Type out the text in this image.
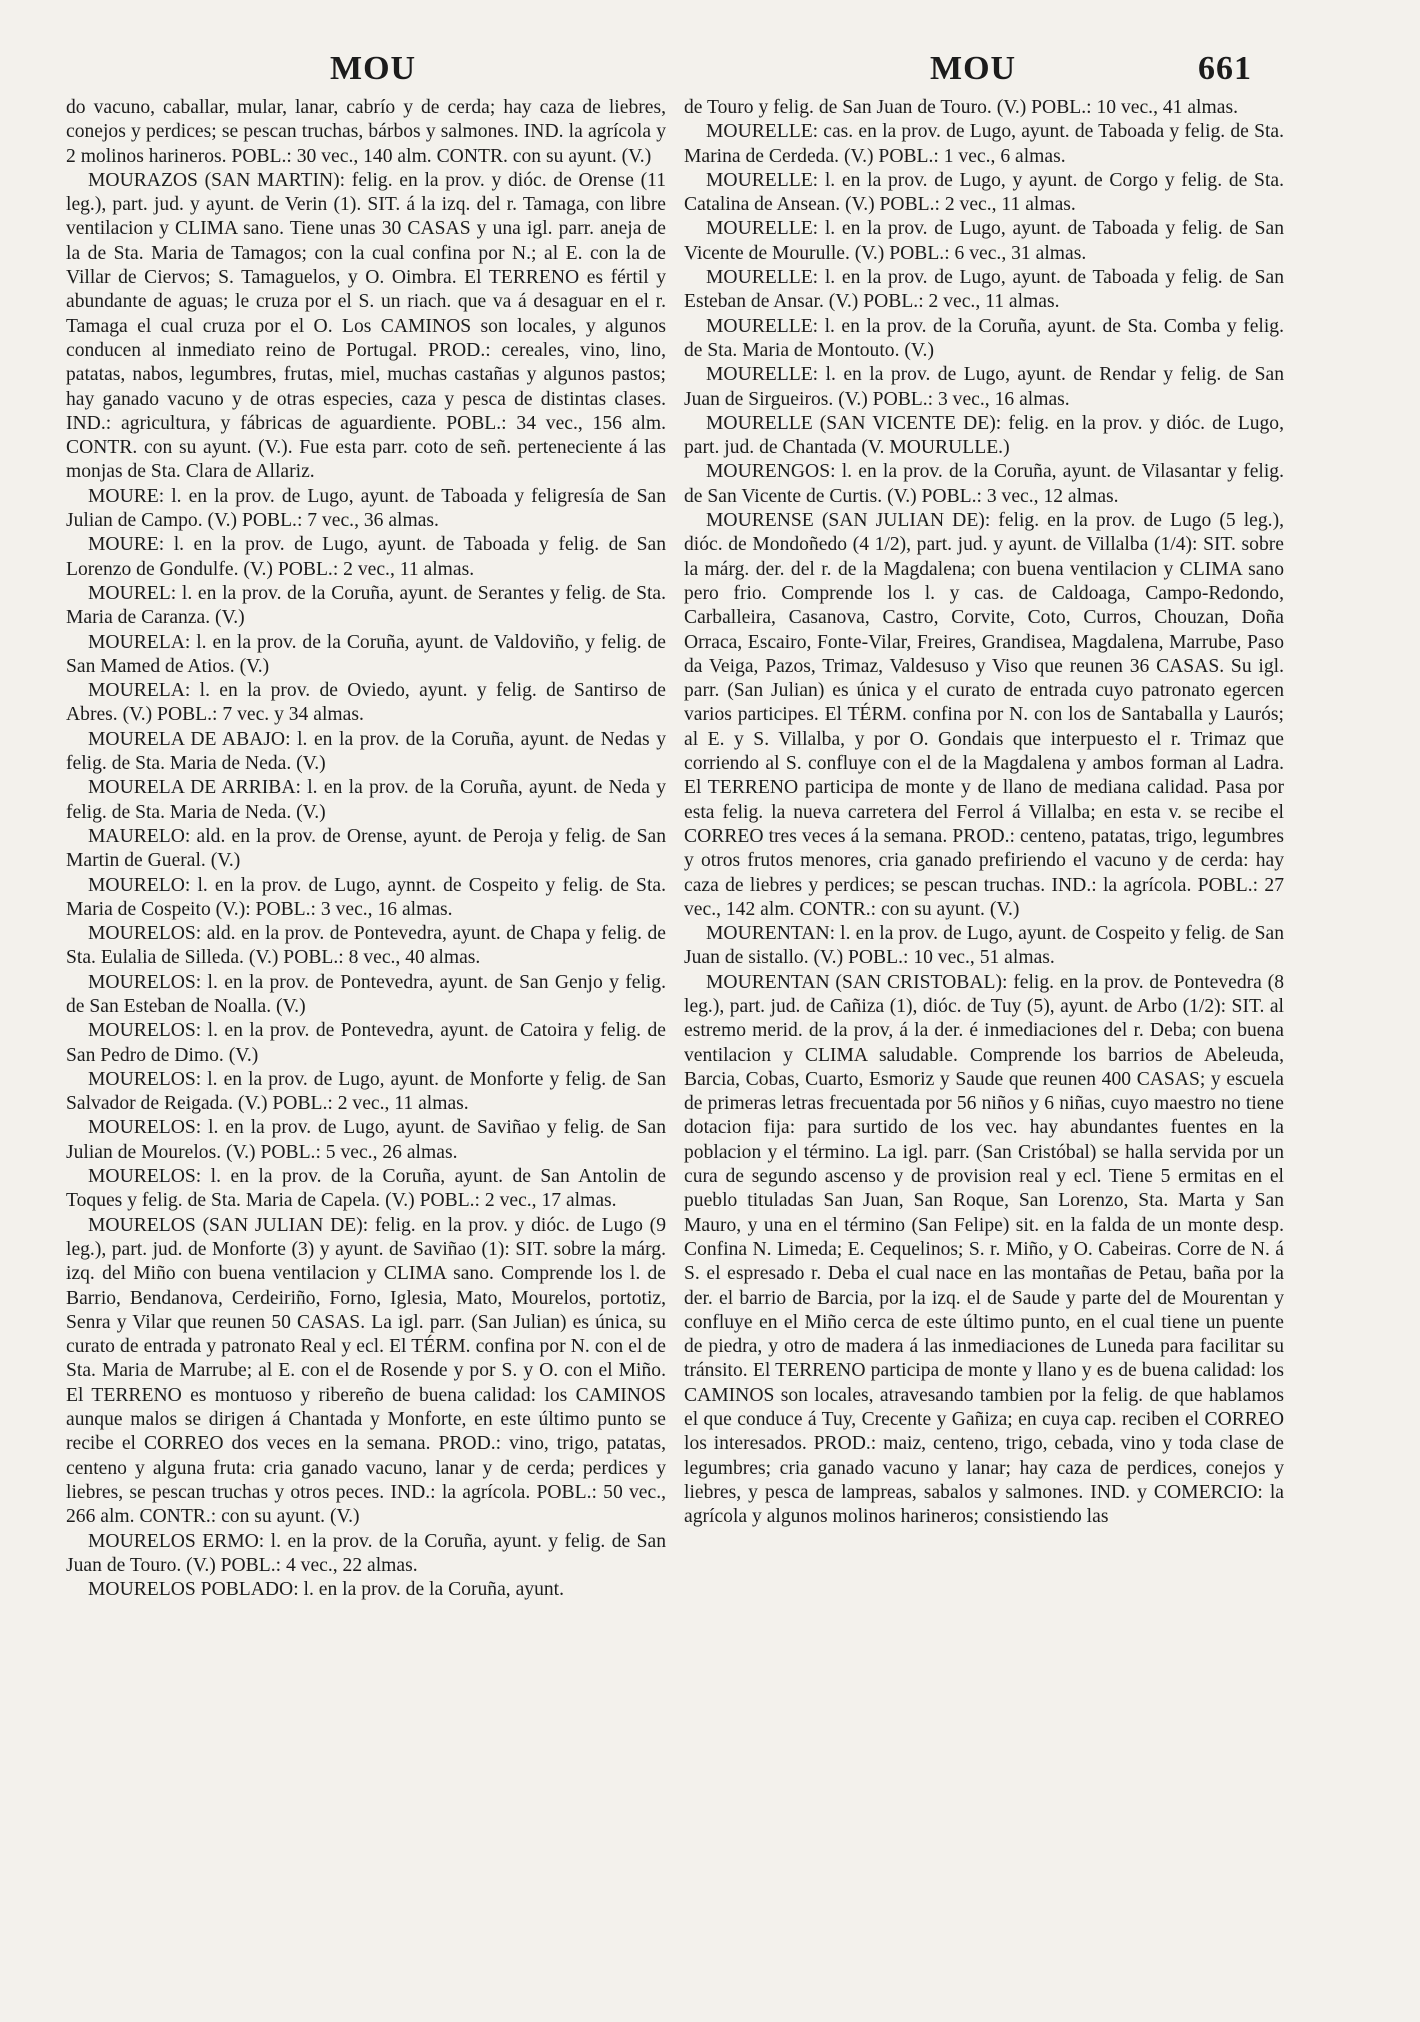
MOU	MOU	661

do vacuno, caballar, mular, lanar, cabrío y de cerda; hay caza de liebres, conejos y perdices; se pescan truchas, bárbos y salmones. IND. la agrícola y 2 molinos harineros. POBL.: 30 vec., 140 alm. CONTR. con su ayunt. (V.)

MOURAZOS (SAN MARTIN): felig. en la prov. y dióc. de Orense (11 leg.), part. jud. y ayunt. de Verin (1). SIT. á la izq. del r. Tamaga, con libre ventilacion y CLIMA sano. Tiene unas 30 CASAS y una igl. parr. aneja de la de Sta. Maria de Tamagos; con la cual confina por N.; al E. con la de Villar de Ciervos; S. Tamaguelos, y O. Oimbra. El TERRENO es fértil y abundante de aguas; le cruza por el S. un riach. que va á desaguar en el r. Tamaga el cual cruza por el O. Los CAMINOS son locales, y algunos conducen al inmediato reino de Portugal. PROD.: cereales, vino, lino, patatas, nabos, legumbres, frutas, miel, muchas castañas y algunos pastos; hay ganado vacuno y de otras especies, caza y pesca de distintas clases. IND.: agricultura, y fábricas de aguardiente. POBL.: 34 vec., 156 alm. CONTR. con su ayunt. (V.). Fue esta parr. coto de señ. perteneciente á las monjas de Sta. Clara de Allariz.

MOURE: l. en la prov. de Lugo, ayunt. de Taboada y feligresía de San Julian de Campo. (V.) POBL.: 7 vec., 36 almas.

MOURE: l. en la prov. de Lugo, ayunt. de Taboada y felig. de San Lorenzo de Gondulfe. (V.) POBL.: 2 vec., 11 almas.

MOUREL: l. en la prov. de la Coruña, ayunt. de Serantes y felig. de Sta. Maria de Caranza. (V.)

MOURELA: l. en la prov. de la Coruña, ayunt. de Valdoviño, y felig. de San Mamed de Atios. (V.)

MOURELA: l. en la prov. de Oviedo, ayunt. y felig. de Santirso de Abres. (V.) POBL.: 7 vec. y 34 almas.

MOURELA DE ABAJO: l. en la prov. de la Coruña, ayunt. de Nedas y felig. de Sta. Maria de Neda. (V.)

MOURELA DE ARRIBA: l. en la prov. de la Coruña, ayunt. de Neda y felig. de Sta. Maria de Neda. (V.)

MAURELO: ald. en la prov. de Orense, ayunt. de Peroja y felig. de San Martin de Gueral. (V.)

MOURELO: l. en la prov. de Lugo, aynnt. de Cospeito y felig. de Sta. Maria de Cospeito (V.): POBL.: 3 vec., 16 almas.

MOURELOS: ald. en la prov. de Pontevedra, ayunt. de Chapa y felig. de Sta. Eulalia de Silleda. (V.) POBL.: 8 vec., 40 almas.

MOURELOS: l. en la prov. de Pontevedra, ayunt. de San Genjo y felig. de San Esteban de Noalla. (V.)

MOURELOS: l. en la prov. de Pontevedra, ayunt. de Catoira y felig. de San Pedro de Dimo. (V.)

MOURELOS: l. en la prov. de Lugo, ayunt. de Monforte y felig. de San Salvador de Reigada. (V.) POBL.: 2 vec., 11 almas.

MOURELOS: l. en la prov. de Lugo, ayunt. de Saviñao y felig. de San Julian de Mourelos. (V.) POBL.: 5 vec., 26 almas.

MOURELOS: l. en la prov. de la Coruña, ayunt. de San Antolin de Toques y felig. de Sta. Maria de Capela. (V.) POBL.: 2 vec., 17 almas.

MOURELOS (SAN JULIAN DE): felig. en la prov. y dióc. de Lugo (9 leg.), part. jud. de Monforte (3) y ayunt. de Saviñao (1): SIT. sobre la márg. izq. del Miño con buena ventilacion y CLIMA sano. Comprende los l. de Barrio, Bendanova, Cerdeiriño, Forno, Iglesia, Mato, Mourelos, portotiz, Senra y Vilar que reunen 50 CASAS. La igl. parr. (San Julian) es única, su curato de entrada y patronato Real y ecl. El TÉRM. confina por N. con el de Sta. Maria de Marrube; al E. con el de Rosende y por S. y O. con el Miño. El TERRENO es montuoso y ribereño de buena calidad: los CAMINOS aunque malos se dirigen á Chantada y Monforte, en este último punto se recibe el CORREO dos veces en la semana. PROD.: vino, trigo, patatas, centeno y alguna fruta: cria ganado vacuno, lanar y de cerda; perdices y liebres, se pescan truchas y otros peces. IND.: la agrícola. POBL.: 50 vec., 266 alm. CONTR.: con su ayunt. (V.)

MOURELOS ERMO: l. en la prov. de la Coruña, ayunt. y felig. de San Juan de Touro. (V.) POBL.: 4 vec., 22 almas.

MOURELOS POBLADO: l. en la prov. de la Coruña, ayunt.

de Touro y felig. de San Juan de Touro. (V.) POBL.: 10 vec., 41 almas.

MOURELLE: cas. en la prov. de Lugo, ayunt. de Taboada y felig. de Sta. Marina de Cerdeda. (V.) POBL.: 1 vec., 6 almas.

MOURELLE: l. en la prov. de Lugo, y ayunt. de Corgo y felig. de Sta. Catalina de Ansean. (V.) POBL.: 2 vec., 11 almas.

MOURELLE: l. en la prov. de Lugo, ayunt. de Taboada y felig. de San Vicente de Mourulle. (V.) POBL.: 6 vec., 31 almas.

MOURELLE: l. en la prov. de Lugo, ayunt. de Taboada y felig. de San Esteban de Ansar. (V.) POBL.: 2 vec., 11 almas.

MOURELLE: l. en la prov. de la Coruña, ayunt. de Sta. Comba y felig. de Sta. Maria de Montouto. (V.)

MOURELLE: l. en la prov. de Lugo, ayunt. de Rendar y felig. de San Juan de Sirgueiros. (V.) POBL.: 3 vec., 16 almas.

MOURELLE (SAN VICENTE DE): felig. en la prov. y dióc. de Lugo, part. jud. de Chantada (V. MOURULLE.)

MOURENGOS: l. en la prov. de la Coruña, ayunt. de Vilasantar y felig. de San Vicente de Curtis. (V.) POBL.: 3 vec., 12 almas.

MOURENSE (SAN JULIAN DE): felig. en la prov. de Lugo (5 leg.), dióc. de Mondoñedo (4 1/2), part. jud. y ayunt. de Villalba (1/4): SIT. sobre la márg. der. del r. de la Magdalena; con buena ventilacion y CLIMA sano pero frio. Comprende los l. y cas. de Caldoaga, Campo-Redondo, Carballeira, Casanova, Castro, Corvite, Coto, Curros, Chouzan, Doña Orraca, Escairo, Fonte-Vilar, Freires, Grandisea, Magdalena, Marrube, Paso da Veiga, Pazos, Trimaz, Valdesuso y Viso que reunen 36 CASAS. Su igl. parr. (San Julian) es única y el curato de entrada cuyo patronato egercen varios participes. El TÉRM. confina por N. con los de Santaballa y Laurós; al E. y S. Villalba, y por O. Gondais que interpuesto el r. Trimaz que corriendo al S. confluye con el de la Magdalena y ambos forman al Ladra. El TERRENO participa de monte y de llano de mediana calidad. Pasa por esta felig. la nueva carretera del Ferrol á Villalba; en esta v. se recibe el CORREO tres veces á la semana. PROD.: centeno, patatas, trigo, legumbres y otros frutos menores, cria ganado prefiriendo el vacuno y de cerda: hay caza de liebres y perdices; se pescan truchas. IND.: la agrícola. POBL.: 27 vec., 142 alm. CONTR.: con su ayunt. (V.)

MOURENTAN: l. en la prov. de Lugo, ayunt. de Cospeito y felig. de San Juan de sistallo. (V.) POBL.: 10 vec., 51 almas.

MOURENTAN (SAN CRISTOBAL): felig. en la prov. de Pontevedra (8 leg.), part. jud. de Cañiza (1), dióc. de Tuy (5), ayunt. de Arbo (1/2): SIT. al estremo merid. de la prov, á la der. é inmediaciones del r. Deba; con buena ventilacion y CLIMA saludable. Comprende los barrios de Abeleuda, Barcia, Cobas, Cuarto, Esmoriz y Saude que reunen 400 CASAS; y escuela de primeras letras frecuentada por 56 niños y 6 niñas, cuyo maestro no tiene dotacion fija: para surtido de los vec. hay abundantes fuentes en la poblacion y el término. La igl. parr. (San Cristóbal) se halla servida por un cura de segundo ascenso y de provision real y ecl. Tiene 5 ermitas en el pueblo tituladas San Juan, San Roque, San Lorenzo, Sta. Marta y San Mauro, y una en el término (San Felipe) sit. en la falda de un monte desp. Confina N. Limeda; E. Cequelinos; S. r. Miño, y O. Cabeiras. Corre de N. á S. el espresado r. Deba el cual nace en las montañas de Petau, baña por la der. el barrio de Barcia, por la izq. el de Saude y parte del de Mourentan y confluye en el Miño cerca de este último punto, en el cual tiene un puente de piedra, y otro de madera á las inmediaciones de Luneda para facilitar su tránsito. El TERRENO participa de monte y llano y es de buena calidad: los CAMINOS son locales, atravesando tambien por la felig. de que hablamos el que conduce á Tuy, Crecente y Gañiza; en cuya cap. reciben el CORREO los interesados. PROD.: maiz, centeno, trigo, cebada, vino y toda clase de legumbres; cria ganado vacuno y lanar; hay caza de perdices, conejos y liebres, y pesca de lampreas, sabalos y salmones. IND. y COMERCIO: la agrícola y algunos molinos harineros; consistiendo las
